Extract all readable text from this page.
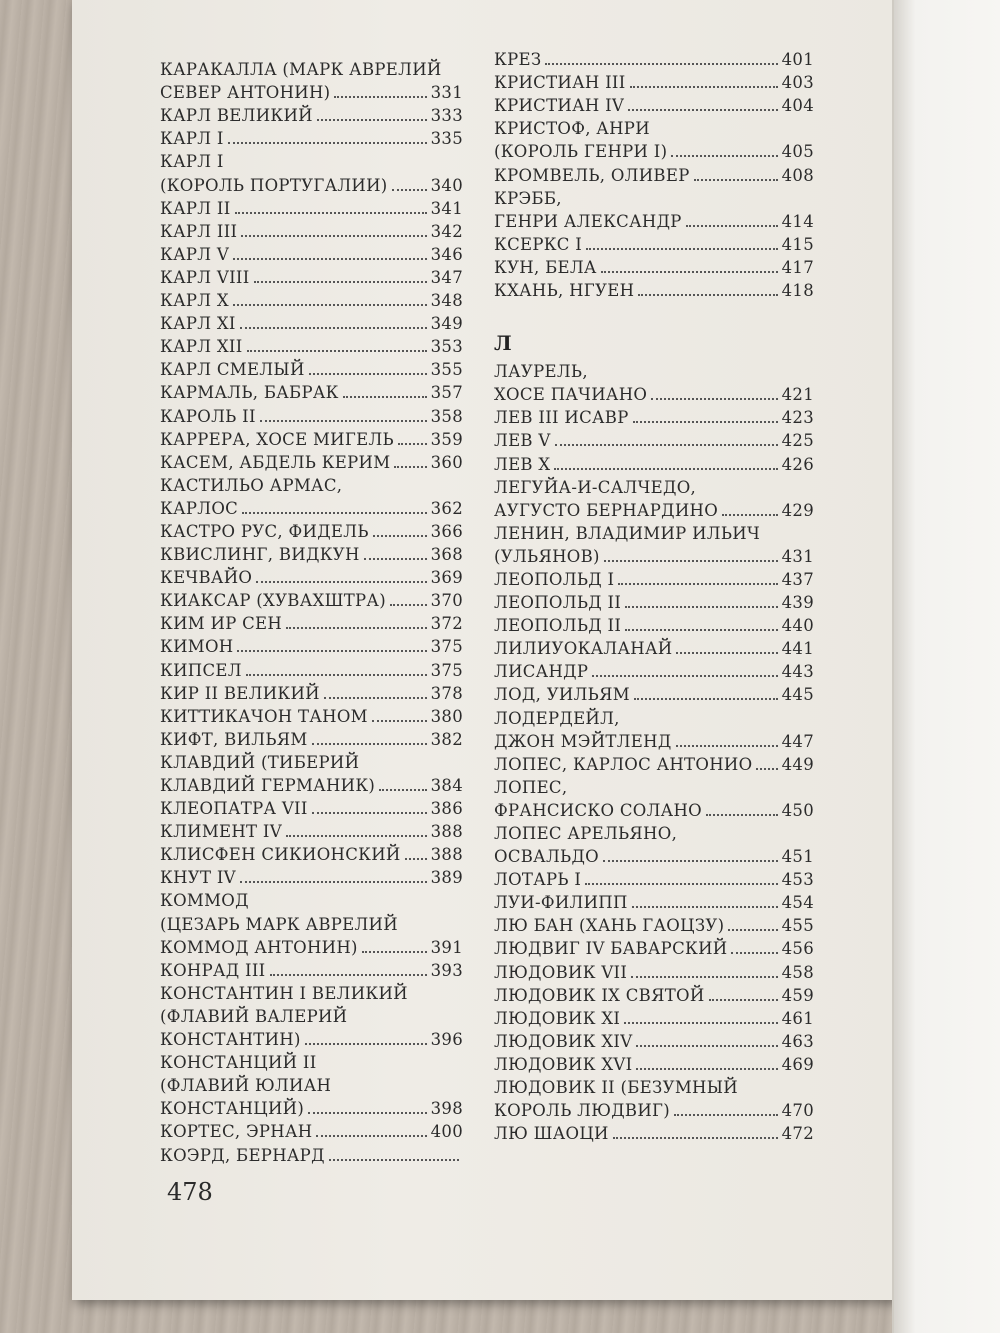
КАРАКАЛЛА (МАРК АВРЕЛИЙ
СЕВЕР АНТОНИН)	331
КАРЛ ВЕЛИКИЙ	333
КАРЛ I	335
КАРЛ I
(КОРОЛЬ ПОРТУГАЛИИ)	340
КАРЛ II	341
КАРЛ III	342
КАРЛ V	346
КАРЛ VIII	347
КАРЛ X	348
КАРЛ XI	349
КАРЛ XII	353
КАРЛ СМЕЛЫЙ	355
КАРМАЛЬ, БАБРАК	357
КАРОЛЬ II	358
КАРРЕРА, ХОСЕ МИГЕЛЬ 359
КАСЕМ, АБДЕЛЬ КЕРИМ 360
КАСТИЛЬО АРМАС,
КАРЛОС	362
КАСТРО РУС, ФИДЕЛЬ	366
КВИСЛИНГ, ВИДКУН	368
КЕЧВАЙО	369
КИАКСАР (ХУВАХШТРА)	370
КИМ ИР СЕН	372
КИМОН	375
КИПСЕЛ	375
КИР II ВЕЛИКИЙ	378
КИТТИКАЧОН ТАНОМ	380
КИФТ, ВИЛЬЯМ	382
КЛАВДИЙ (ТИБЕРИЙ
КЛАВДИЙ ГЕРМАНИК)	384
КЛЕОПАТРА VII	386
КЛИМЕНТ IV	388
КЛИСФЕН СИКИОНСКИЙ 388
КНУТ IV	389
КОММОД
(ЦЕЗАРЬ МАРК АВРЕЛИЙ
КОММОД АНТОНИН)	391
КОНРАД III	393
КОНСТАНТИН I ВЕЛИКИЙ
(ФЛАВИЙ ВАЛЕРИЙ
КОНСТАНТИН)	396
КОНСТАНЦИЙ II
(ФЛАВИЙ ЮЛИАН
КОНСТАНЦИЙ)	398
КОРТЕС, ЭРНАН	400
КОЭРД, БЕРНАРД
КРЕЗ	401
КРИСТИАН III	403
КРИСТИАН IV	404
КРИСТОФ, АНРИ
(КОРОЛЬ ГЕНРИ I)	405
КРОМВЕЛЬ, ОЛИВЕР	408
КРЭББ,
ГЕНРИ АЛЕКСАНДР	414
КСЕРКС I	415
КУН, БЕЛА	417
КХАНЬ, НГУЕН	418
Л
ЛАУРЕЛЬ,
ХОСЕ ПАЧИАНО	421
ЛЕВ III ИСАВР	423
ЛЕВ V	425
ЛЕВ X	426
ЛЕГУЙА-И-САЛЧЕДО,
АУГУСТО БЕРНАРДИНО	429
ЛЕНИН, ВЛАДИМИР ИЛЬИЧ
(УЛЬЯНОВ)	431
ЛЕОПОЛЬД I	437
ЛЕОПОЛЬД II	439
ЛЕОПОЛЬД II	440
ЛИЛИУОКАЛАНАЙ	441
ЛИСАНДР	443
ЛОД, УИЛЬЯМ	445
ЛОДЕРДЕЙЛ,
ДЖОН МЭЙТЛЕНД	447
ЛОПЕС, КАРЛОС АНТОНИО 449
ЛОПЕС,
ФРАНСИСКО СОЛАНО	450
ЛОПЕС АРЕЛЬЯНО,
ОСВАЛЬДО	451
ЛОТАРЬ I	453
ЛУИ-ФИЛИПП	454
ЛЮ БАН (ХАНЬ ГАОЦЗУ)	455
ЛЮДВИГ IV БАВАРСКИЙ	456
ЛЮДОВИК VII	458
ЛЮДОВИК IX СВЯТОЙ	459
ЛЮДОВИК XI	461
ЛЮДОВИК XIV	463
ЛЮДОВИК XVI	469
ЛЮДОВИК II (БЕЗУМНЫЙ
КОРОЛЬ ЛЮДВИГ)	470
ЛЮ ШАОЦИ	472
478
